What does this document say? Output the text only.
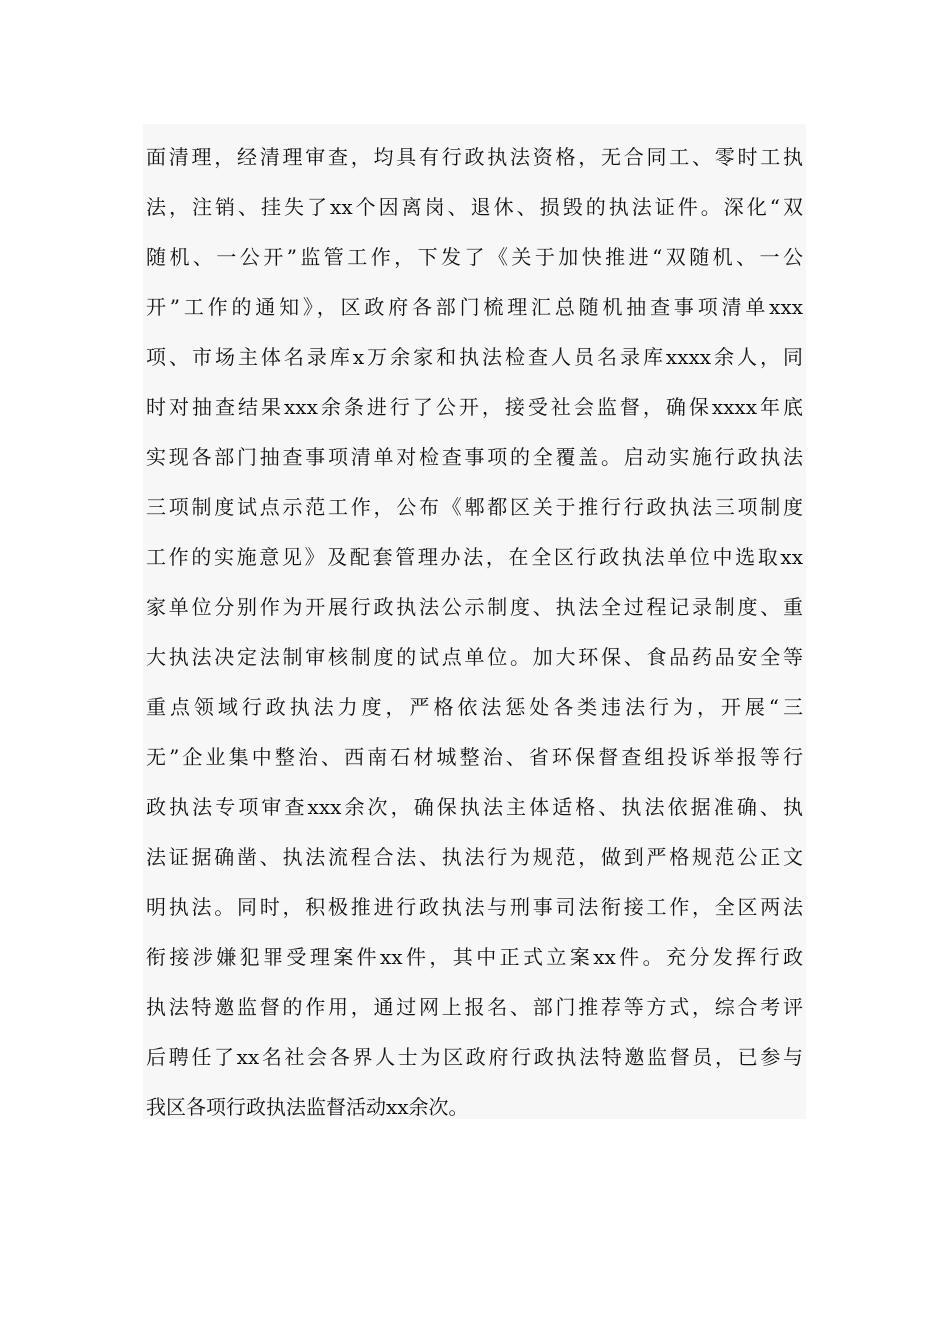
面清理，经清理审查，均具有行政执法资格，无合同工、零时工执
法，注销、挂失了xx个因离岗、退休、损毁的执法证件。深化“双
随机、一公开”监管工作，下发了《关于加快推进“双随机、一公
开”工作的通知》，区政府各部门梳理汇总随机抽查事项清单xxx
项、市场主体名录库x万余家和执法检查人员名录库xxxx余人，同
时对抽查结果xxx余条进行了公开，接受社会监督，确保xxxx年底
实现各部门抽查事项清单对检查事项的全覆盖。启动实施行政执法
三项制度试点示范工作，公布《郫都区关于推行行政执法三项制度
工作的实施意见》及配套管理办法，在全区行政执法单位中选取xx
家单位分别作为开展行政执法公示制度、执法全过程记录制度、重
大执法决定法制审核制度的试点单位。加大环保、食品药品安全等
重点领域行政执法力度，严格依法惩处各类违法行为，开展“三
无”企业集中整治、西南石材城整治、省环保督查组投诉举报等行
政执法专项审查xxx余次，确保执法主体适格、执法依据准确、执
法证据确凿、执法流程合法、执法行为规范，做到严格规范公正文
明执法。同时，积极推进行政执法与刑事司法衔接工作，全区两法
衔接涉嫌犯罪受理案件xx件，其中正式立案xx件。充分发挥行政
执法特邀监督的作用，通过网上报名、部门推荐等方式，综合考评
后聘任了xx名社会各界人士为区政府行政执法特邀监督员，已参与
我区各项行政执法监督活动xx余次。
